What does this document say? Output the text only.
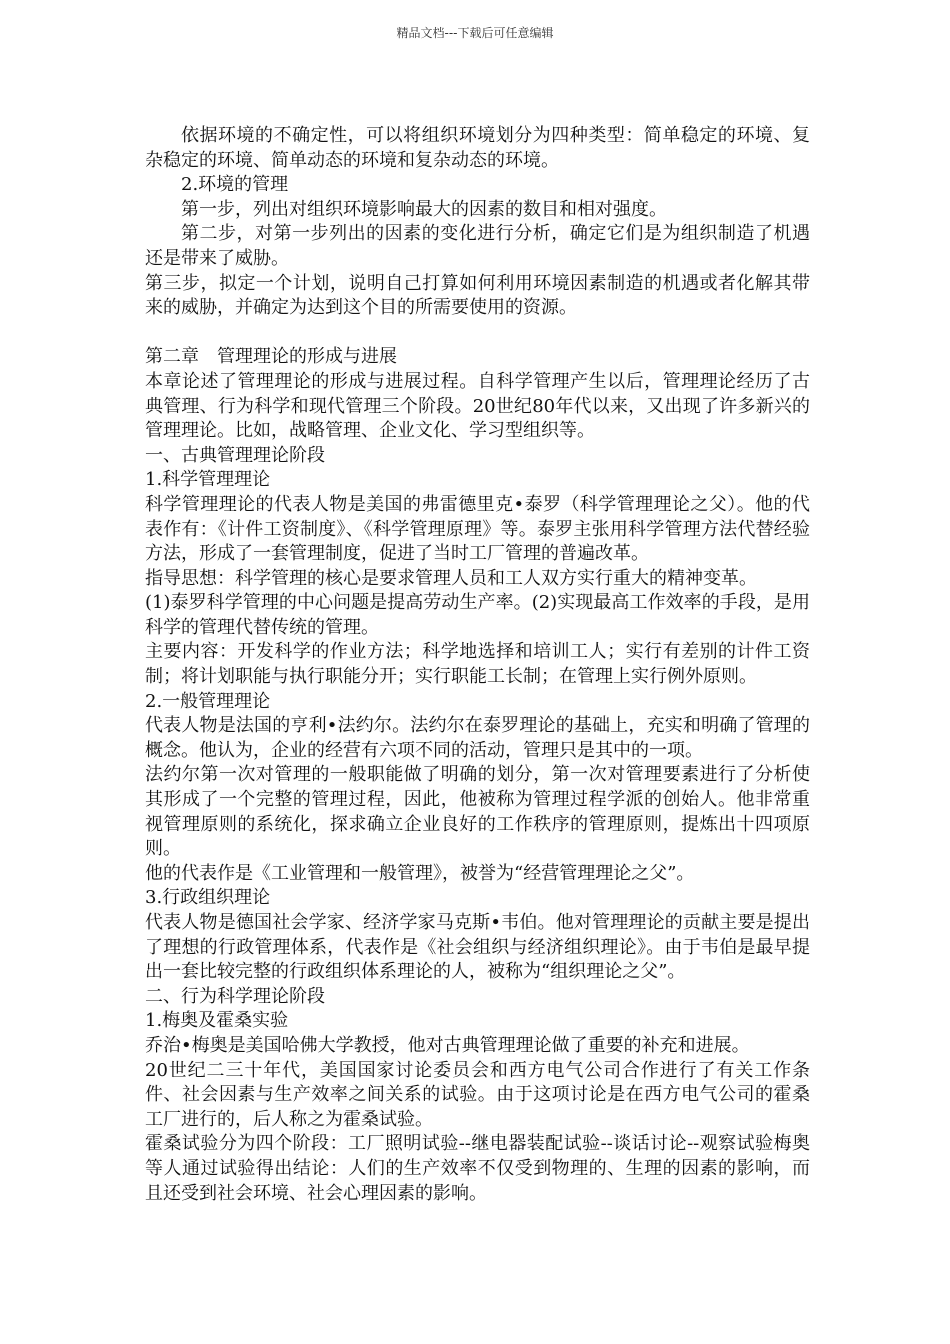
精品文档---下载后可任意编辑

依据环境的不确定性，可以将组织环境划分为四种类型：简单稳定的环境、复杂稳定的环境、简单动态的环境和复杂动态的环境。

2.环境的管理

第一步，列出对组织环境影响最大的因素的数目和相对强度。

第二步，对第一步列出的因素的变化进行分析，确定它们是为组织制造了机遇还是带来了威胁。

第三步，拟定一个计划，说明自己打算如何利用环境因素制造的机遇或者化解其带来的威胁，并确定为达到这个目的所需要使用的资源。

第二章　管理理论的形成与进展

本章论述了管理理论的形成与进展过程。自科学管理产生以后，管理理论经历了古典管理、行为科学和现代管理三个阶段。20世纪80年代以来，又出现了许多新兴的管理理论。比如，战略管理、企业文化、学习型组织等。

一、古典管理理论阶段

1.科学管理理论

科学管理理论的代表人物是美国的弗雷德里克•泰罗（科学管理理论之父）。他的代表作有：《计件工资制度》、《科学管理原理》等。泰罗主张用科学管理方法代替经验方法，形成了一套管理制度，促进了当时工厂管理的普遍改革。

指导思想：科学管理的核心是要求管理人员和工人双方实行重大的精神变革。

(1)泰罗科学管理的中心问题是提高劳动生产率。(2)实现最高工作效率的手段，是用科学的管理代替传统的管理。

主要内容：开发科学的作业方法；科学地选择和培训工人；实行有差别的计件工资制；将计划职能与执行职能分开；实行职能工长制；在管理上实行例外原则。

2.一般管理理论

代表人物是法国的亨利•法约尔。法约尔在泰罗理论的基础上，充实和明确了管理的概念。他认为，企业的经营有六项不同的活动，管理只是其中的一项。

法约尔第一次对管理的一般职能做了明确的划分，第一次对管理要素进行了分析使其形成了一个完整的管理过程，因此，他被称为管理过程学派的创始人。他非常重视管理原则的系统化，探求确立企业良好的工作秩序的管理原则，提炼出十四项原则。

他的代表作是《工业管理和一般管理》，被誉为“经营管理理论之父”。

3.行政组织理论

代表人物是德国社会学家、经济学家马克斯•韦伯。他对管理理论的贡献主要是提出了理想的行政管理体系，代表作是《社会组织与经济组织理论》。由于韦伯是最早提出一套比较完整的行政组织体系理论的人，被称为“组织理论之父”。

二、行为科学理论阶段

1.梅奥及霍桑实验

乔治•梅奥是美国哈佛大学教授，他对古典管理理论做了重要的补充和进展。

20世纪二三十年代，美国国家讨论委员会和西方电气公司合作进行了有关工作条件、社会因素与生产效率之间关系的试验。由于这项讨论是在西方电气公司的霍桑工厂进行的，后人称之为霍桑试验。

霍桑试验分为四个阶段：工厂照明试验--继电器装配试验--谈话讨论--观察试验梅奥等人通过试验得出结论：人们的生产效率不仅受到物理的、生理的因素的影响，而且还受到社会环境、社会心理因素的影响。
